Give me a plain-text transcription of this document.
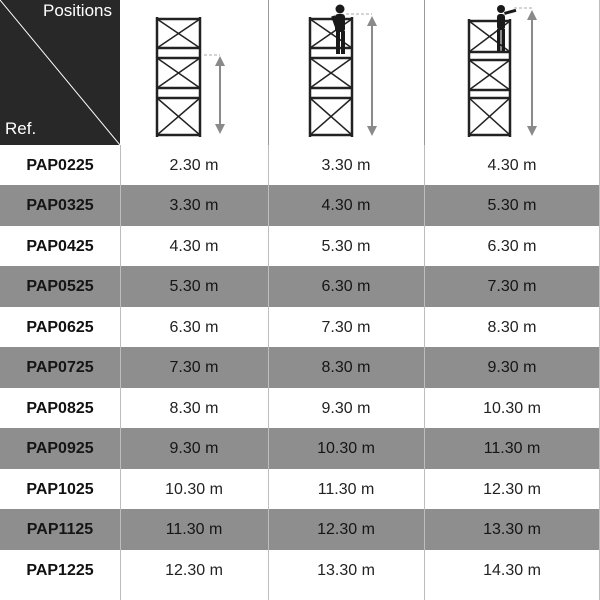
Positions
Ref.
PAP0225	2.30 m	3.30 m	4.30 m
PAP0325	3.30 m	4.30 m	5.30 m
PAP0425	4.30 m	5.30 m	6.30 m
PAP0525	5.30 m	6.30 m	7.30 m
PAP0625	6.30 m	7.30 m	8.30 m
PAP0725	7.30 m	8.30 m	9.30 m
PAP0825	8.30 m	9.30 m	10.30 m
PAP0925	9.30 m	10.30 m	11.30 m
PAP1025	10.30 m	11.30 m	12.30 m
PAP1125	11.30 m	12.30 m	13.30 m
PAP1225	12.30 m	13.30 m	14.30 m
